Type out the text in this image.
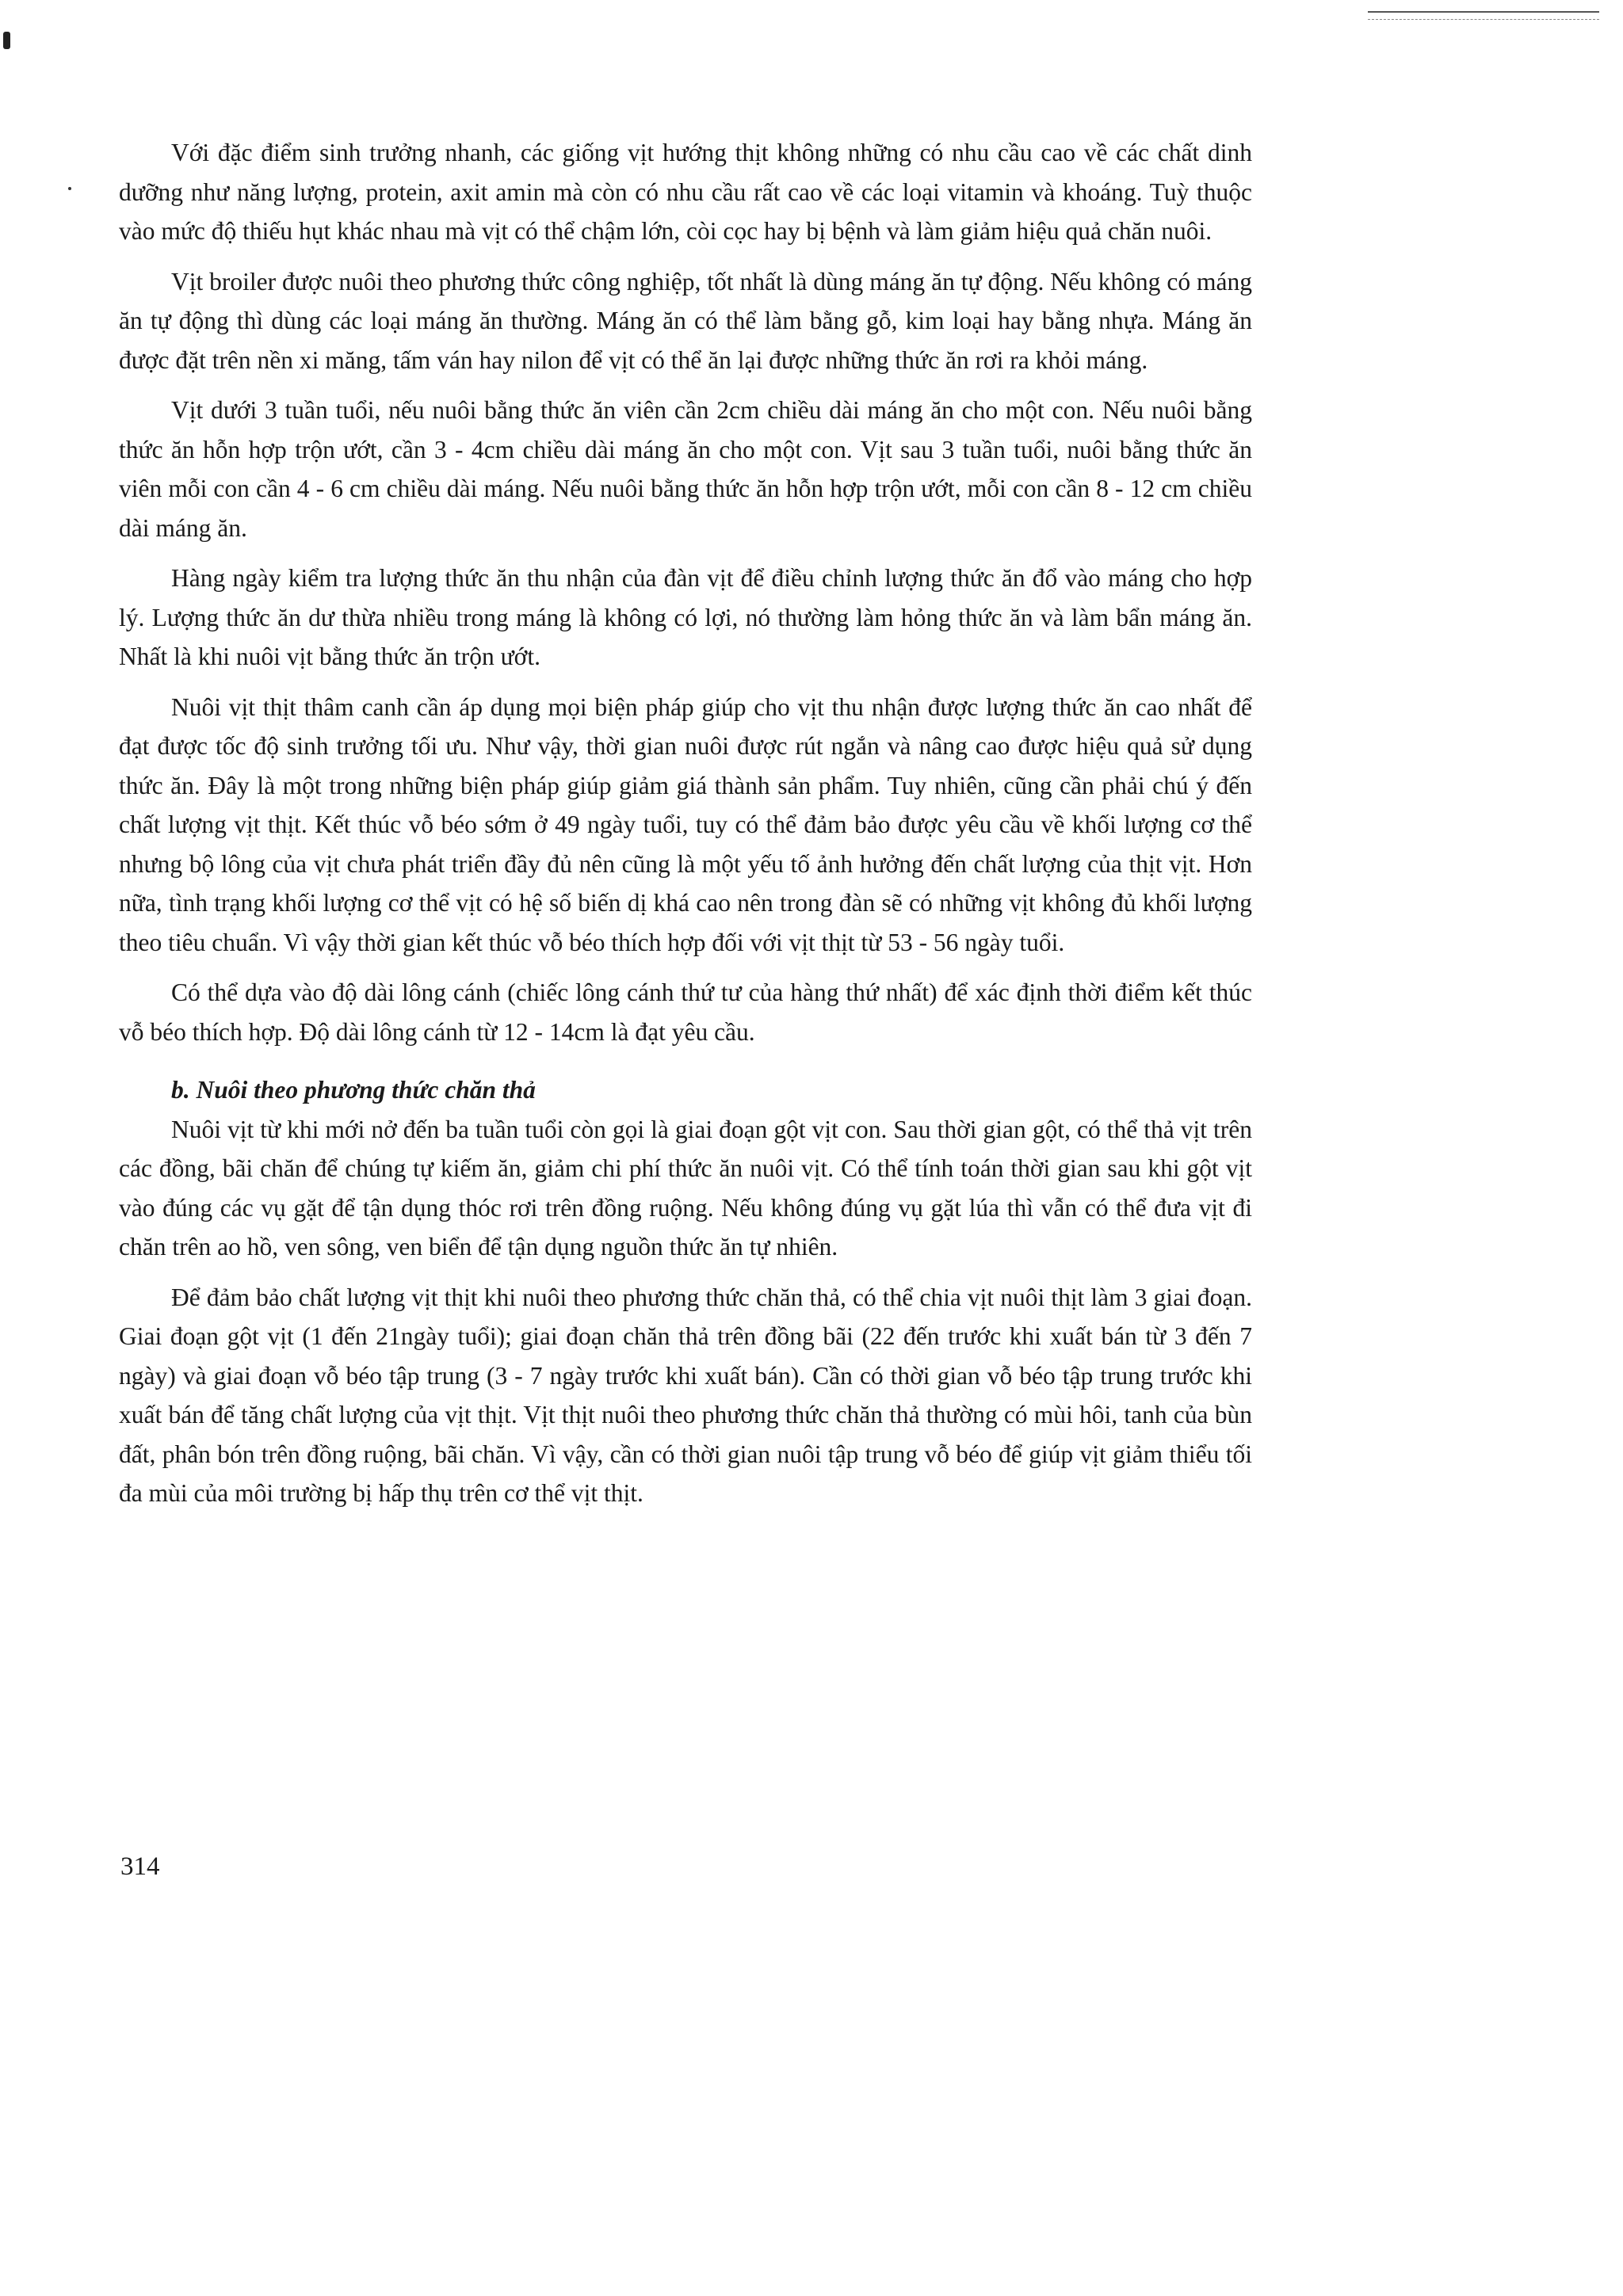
Với đặc điểm sinh trưởng nhanh, các giống vịt hướng thịt không những có nhu cầu cao về các chất dinh dưỡng như năng lượng, protein, axit amin mà còn có nhu cầu rất cao về các loại vitamin và khoáng. Tuỳ thuộc vào mức độ thiếu hụt khác nhau mà vịt có thể chậm lớn, còi cọc hay bị bệnh và làm giảm hiệu quả chăn nuôi.

Vịt broiler được nuôi theo phương thức công nghiệp, tốt nhất là dùng máng ăn tự động. Nếu không có máng ăn tự động thì dùng các loại máng ăn thường. Máng ăn có thể làm bằng gỗ, kim loại hay bằng nhựa. Máng ăn được đặt trên nền xi măng, tấm ván hay nilon để vịt có thể ăn lại được những thức ăn rơi ra khỏi máng.

Vịt dưới 3 tuần tuổi, nếu nuôi bằng thức ăn viên cần 2cm chiều dài máng ăn cho một con. Nếu nuôi bằng thức ăn hỗn hợp trộn ướt, cần 3 - 4cm chiều dài máng ăn cho một con. Vịt sau 3 tuần tuổi, nuôi bằng thức ăn viên mỗi con cần 4 - 6 cm chiều dài máng. Nếu nuôi bằng thức ăn hỗn hợp trộn ướt, mỗi con cần 8 - 12 cm chiều dài máng ăn.

Hàng ngày kiểm tra lượng thức ăn thu nhận của đàn vịt để điều chỉnh lượng thức ăn đổ vào máng cho hợp lý. Lượng thức ăn dư thừa nhiều trong máng là không có lợi, nó thường làm hỏng thức ăn và làm bẩn máng ăn. Nhất là khi nuôi vịt bằng thức ăn trộn ướt.

Nuôi vịt thịt thâm canh cần áp dụng mọi biện pháp giúp cho vịt thu nhận được lượng thức ăn cao nhất để đạt được tốc độ sinh trưởng tối ưu. Như vậy, thời gian nuôi được rút ngắn và nâng cao được hiệu quả sử dụng thức ăn. Đây là một trong những biện pháp giúp giảm giá thành sản phẩm. Tuy nhiên, cũng cần phải chú ý đến chất lượng vịt thịt. Kết thúc vỗ béo sớm ở 49 ngày tuổi, tuy có thể đảm bảo được yêu cầu về khối lượng cơ thể nhưng bộ lông của vịt chưa phát triển đầy đủ nên cũng là một yếu tố ảnh hưởng đến chất lượng của thịt vịt. Hơn nữa, tình trạng khối lượng cơ thể vịt có hệ số biến dị khá cao nên trong đàn sẽ có những vịt không đủ khối lượng theo tiêu chuẩn. Vì vậy thời gian kết thúc vỗ béo thích hợp đối với vịt thịt từ 53 - 56 ngày tuổi.

Có thể dựa vào độ dài lông cánh (chiếc lông cánh thứ tư của hàng thứ nhất) để xác định thời điểm kết thúc vỗ béo thích hợp. Độ dài lông cánh từ 12 - 14cm là đạt yêu cầu.

b. Nuôi theo phương thức chăn thả

Nuôi vịt từ khi mới nở đến ba tuần tuổi còn gọi là giai đoạn gột vịt con. Sau thời gian gột, có thể thả vịt trên các đồng, bãi chăn để chúng tự kiếm ăn, giảm chi phí thức ăn nuôi vịt. Có thể tính toán thời gian sau khi gột vịt vào đúng các vụ gặt để tận dụng thóc rơi trên đồng ruộng. Nếu không đúng vụ gặt lúa thì vẫn có thể đưa vịt đi chăn trên ao hồ, ven sông, ven biển để tận dụng nguồn thức ăn tự nhiên.

Để đảm bảo chất lượng vịt thịt khi nuôi theo phương thức chăn thả, có thể chia vịt nuôi thịt làm 3 giai đoạn. Giai đoạn gột vịt (1 đến 21ngày tuổi); giai đoạn chăn thả trên đồng bãi (22 đến trước khi xuất bán từ 3 đến 7 ngày) và giai đoạn vỗ béo tập trung (3 - 7 ngày trước khi xuất bán). Cần có thời gian vỗ béo tập trung trước khi xuất bán để tăng chất lượng của vịt thịt. Vịt thịt nuôi theo phương thức chăn thả thường có mùi hôi, tanh của bùn đất, phân bón trên đồng ruộng, bãi chăn. Vì vậy, cần có thời gian nuôi tập trung vỗ béo để giúp vịt giảm thiểu tối đa mùi của môi trường bị hấp thụ trên cơ thể vịt thịt.

314
